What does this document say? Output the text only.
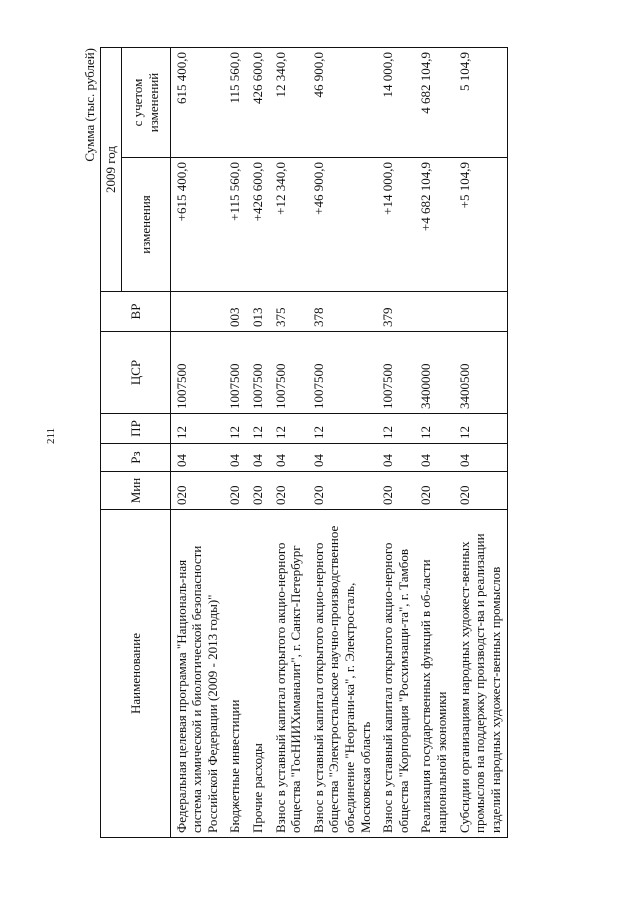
211
Сумма (тыс. рублей)
Наименование	Мин	Рз	ПР	ЦСР	ВР	2009 год	
						изменения	с учетом изменений
Федеральная целевая программа "Националь-ная система химической и биологической безопасности Российской Федерации (2009 - 2013 годы)"	020	04	12	1007500		+615 400,0	615 400,0
Бюджетные инвестиции	020	04	12	1007500	003	+115 560,0	115 560,0
Прочие расходы	020	04	12	1007500	013	+426 600,0	426 600,0
Взнос в уставный капитал открытого акцио-нерного общества "ГосНИИХиманалит", г. Санкт-Петербург	020	04	12	1007500	375	+12 340,0	12 340,0
Взнос в уставный капитал открытого акцио-нерного общества "Электростальское научно-производственное объединение "Неоргани-ка", г. Электросталь, Московская область	020	04	12	1007500	378	+46 900,0	46 900,0
Взнос в уставный капитал открытого акцио-нерного общества "Корпорация "Росхимзащи-та", г. Тамбов	020	04	12	1007500	379	+14 000,0	14 000,0
Реализация государственных функций в об-ласти национальной экономики	020	04	12	3400000		+4 682 104,9	4 682 104,9
Субсидии организациям народных художест-венных промыслов на поддержку производст-ва и реализации изделий народных художест-венных промыслов	020	04	12	3400500		+5 104,9	5 104,9
